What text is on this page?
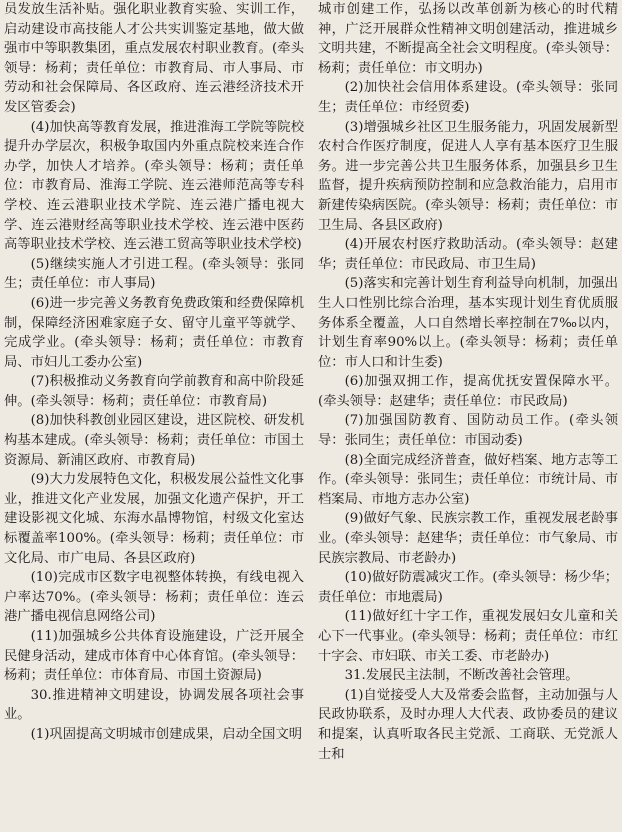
员发放生活补贴。强化职业教育实验、实训工作，启动建设市高技能人才公共实训鉴定基地，做大做强市中等职教集团，重点发展农村职业教育。(牵头领导：杨莉；责任单位：市教育局、市人事局、市劳动和社会保障局、各区政府、连云港经济技术开发区管委会)

(4)加快高等教育发展，推进淮海工学院等院校提升办学层次，积极争取国内外重点院校来连合作办学，加快人才培养。(牵头领导：杨莉；责任单位：市教育局、淮海工学院、连云港师范高等专科学校、连云港职业技术学院、连云港广播电视大学、连云港财经高等职业技术学校、连云港中医药高等职业技术学校、连云港工贸高等职业技术学校)

(5)继续实施人才引进工程。(牵头领导：张同生；责任单位：市人事局)

(6)进一步完善义务教育免费政策和经费保障机制，保障经济困难家庭子女、留守儿童平等就学、完成学业。(牵头领导：杨莉；责任单位：市教育局、市妇儿工委办公室)

(7)积极推动义务教育向学前教育和高中阶段延伸。(牵头领导：杨莉；责任单位：市教育局)

(8)加快科教创业园区建设，进区院校、研发机构基本建成。(牵头领导：杨莉；责任单位：市国土资源局、新浦区政府、市教育局)

(9)大力发展特色文化，积极发展公益性文化事业，推进文化产业发展，加强文化遗产保护，开工建设影视文化城、东海水晶博物馆，村级文化室达标覆盖率100%。(牵头领导：杨莉；责任单位：市文化局、市广电局、各县区政府)

(10)完成市区数字电视整体转换，有线电视入户率达70%。(牵头领导：杨莉；责任单位：连云港广播电视信息网络公司)

(11)加强城乡公共体育设施建设，广泛开展全民健身活动，建成市体育中心体育馆。(牵头领导：杨莉；责任单位：市体育局、市国土资源局)

30.推进精神文明建设，协调发展各项社会事业。

(1)巩固提高文明城市创建成果，启动全国文明

城市创建工作，弘扬以改革创新为核心的时代精神，广泛开展群众性精神文明创建活动，推进城乡文明共建，不断提高全社会文明程度。(牵头领导：杨莉；责任单位：市文明办)

(2)加快社会信用体系建设。(牵头领导：张同生；责任单位：市经贸委)

(3)增强城乡社区卫生服务能力，巩固发展新型农村合作医疗制度，促进人人享有基本医疗卫生服务。进一步完善公共卫生服务体系，加强县乡卫生监督，提升疾病预防控制和应急救治能力，启用市新建传染病医院。(牵头领导：杨莉；责任单位：市卫生局、各县区政府)

(4)开展农村医疗救助活动。(牵头领导：赵建华；责任单位：市民政局、市卫生局)

(5)落实和完善计划生育利益导向机制，加强出生人口性别比综合治理，基本实现计划生育优质服务体系全覆盖，人口自然增长率控制在7‰以内，计划生育率90%以上。(牵头领导：杨莉；责任单位：市人口和计生委)

(6)加强双拥工作，提高优抚安置保障水平。(牵头领导：赵建华；责任单位：市民政局)

(7)加强国防教育、国防动员工作。(牵头领导：张同生；责任单位：市国动委)

(8)全面完成经济普查，做好档案、地方志等工作。(牵头领导：张同生；责任单位：市统计局、市档案局、市地方志办公室)

(9)做好气象、民族宗教工作，重视发展老龄事业。(牵头领导：赵建华；责任单位：市气象局、市民族宗教局、市老龄办)

(10)做好防震减灾工作。(牵头领导：杨少华；责任单位：市地震局)

(11)做好红十字工作，重视发展妇女儿童和关心下一代事业。(牵头领导：杨莉；责任单位：市红十字会、市妇联、市关工委、市老龄办)

31.发展民主法制，不断改善社会管理。

(1)自觉接受人大及常委会监督，主动加强与人民政协联系，及时办理人大代表、政协委员的建议和提案，认真听取各民主党派、工商联、无党派人士和
